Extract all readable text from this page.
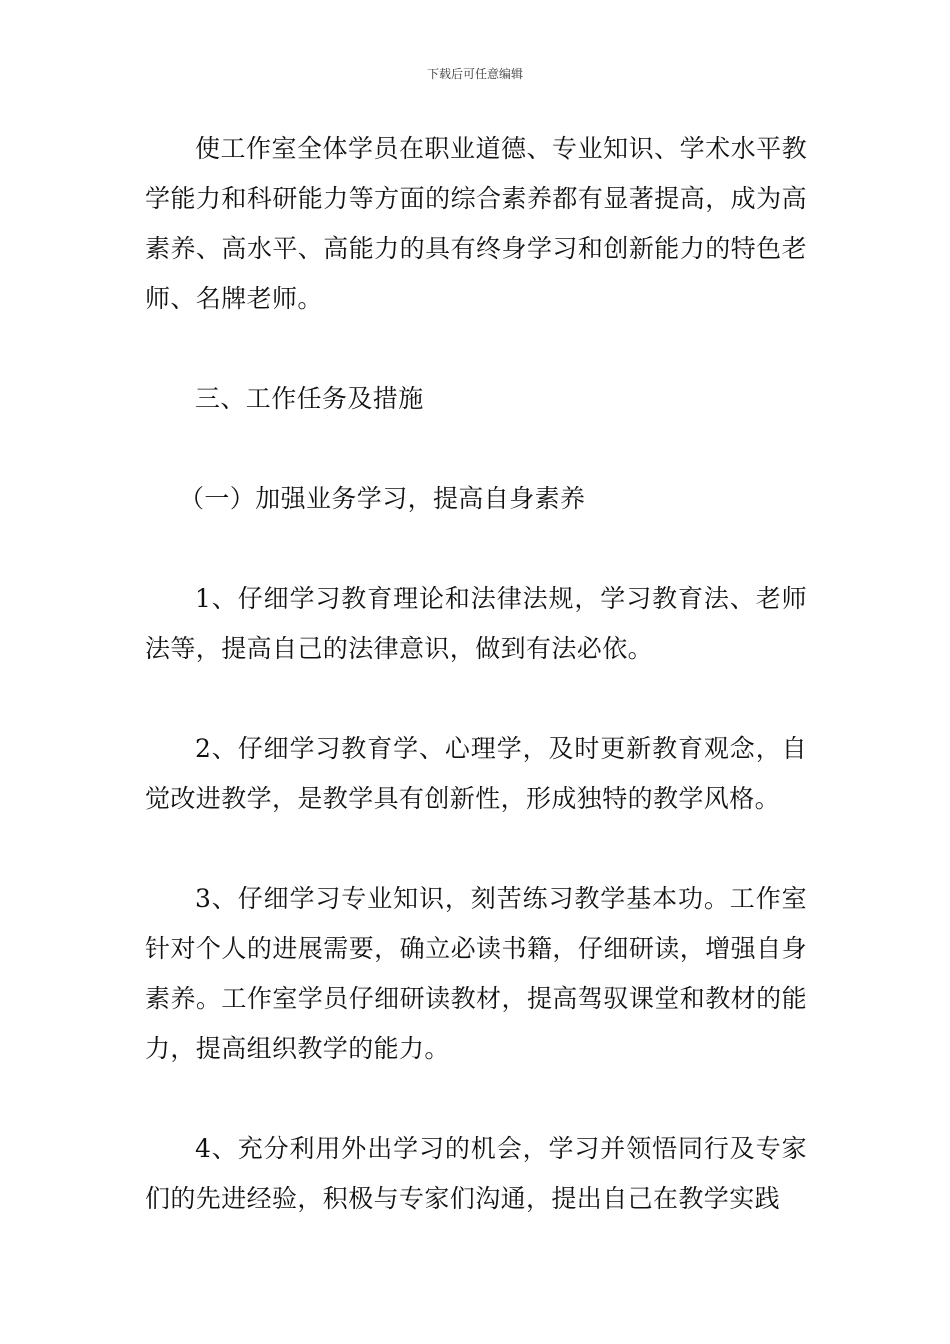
下载后可任意编辑

使工作室全体学员在职业道德、专业知识、学术水平教学能力和科研能力等方面的综合素养都有显著提高，成为高素养、高水平、高能力的具有终身学习和创新能力的特色老师、名牌老师。

三、工作任务及措施

（一）加强业务学习，提高自身素养

1、仔细学习教育理论和法律法规，学习教育法、老师法等，提高自己的法律意识，做到有法必依。

2、仔细学习教育学、心理学，及时更新教育观念，自觉改进教学，是教学具有创新性，形成独特的教学风格。

3、仔细学习专业知识，刻苦练习教学基本功。工作室针对个人的进展需要，确立必读书籍，仔细研读，增强自身素养。工作室学员仔细研读教材，提高驾驭课堂和教材的能力，提高组织教学的能力。

4、充分利用外出学习的机会，学习并领悟同行及专家们的先进经验，积极与专家们沟通，提出自己在教学实践
